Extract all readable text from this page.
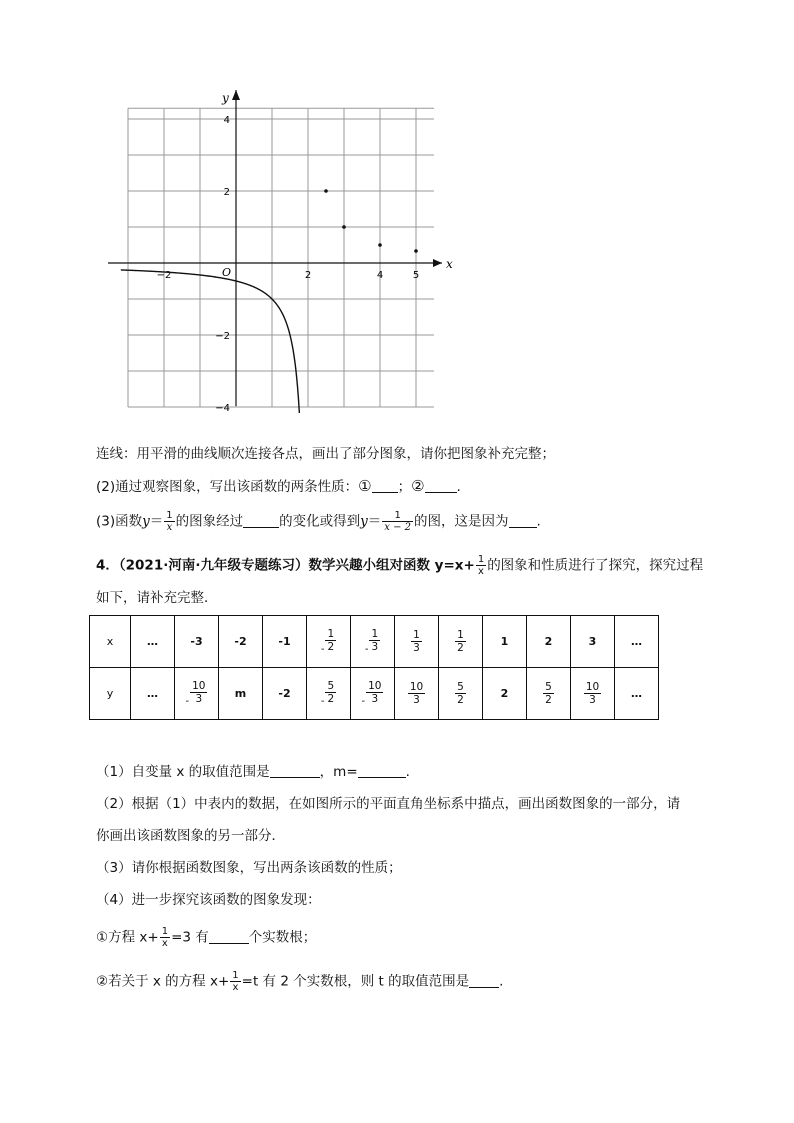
x
y
O
4
2
−2
−4
−2	2	4	5
连线：用平滑的曲线顺次连接各点，画出了部分图象，请你把图象补充完整；
(2)通过观察图象，写出该函数的两条性质：① ；② .
(3)函数$y= \frac{1}{x}$ 的图象经过	的变化或得到$y= \frac{1}{x - 2}$ 的图，这是因为 .
4．（2021·河南·九年级专题练习）数学兴趣小组对函数 $y=x+ \frac{1}{x}$ 的图象和性质进行了探究，探究过程
如下，请补充完整．
x	…	-3	-2	-1	- $\frac{1}{2}$	- $\frac{1}{3}$	$\frac{1}{3}$	$\frac{1}{2}$	1	2	3	…
y	…	- $\frac{10}{3}$	m	-2	- $\frac{5}{2}$	- $\frac{10}{3}$	$\frac{10}{3}$	$\frac{5}{2}$	2	$\frac{5}{2}$	$\frac{10}{3}$	…
（1）自变量 x 的取值范围是	，m=	.
（2）根据（1）中表内的数据，在如图所示的平面直角坐标系中描点，画出函数图象的一部分，请
你画出该函数图象的另一部分．
（3）请你根据函数图象，写出两条该函数的性质；
（4）进一步探究该函数的图象发现：
①方程 $x+ \frac{1}{x} =3$ 有	个实数根；
②若关于 x 的方程 $x+ \frac{1}{x} =t$ 有 2 个实数根，则 t 的取值范围是 .
